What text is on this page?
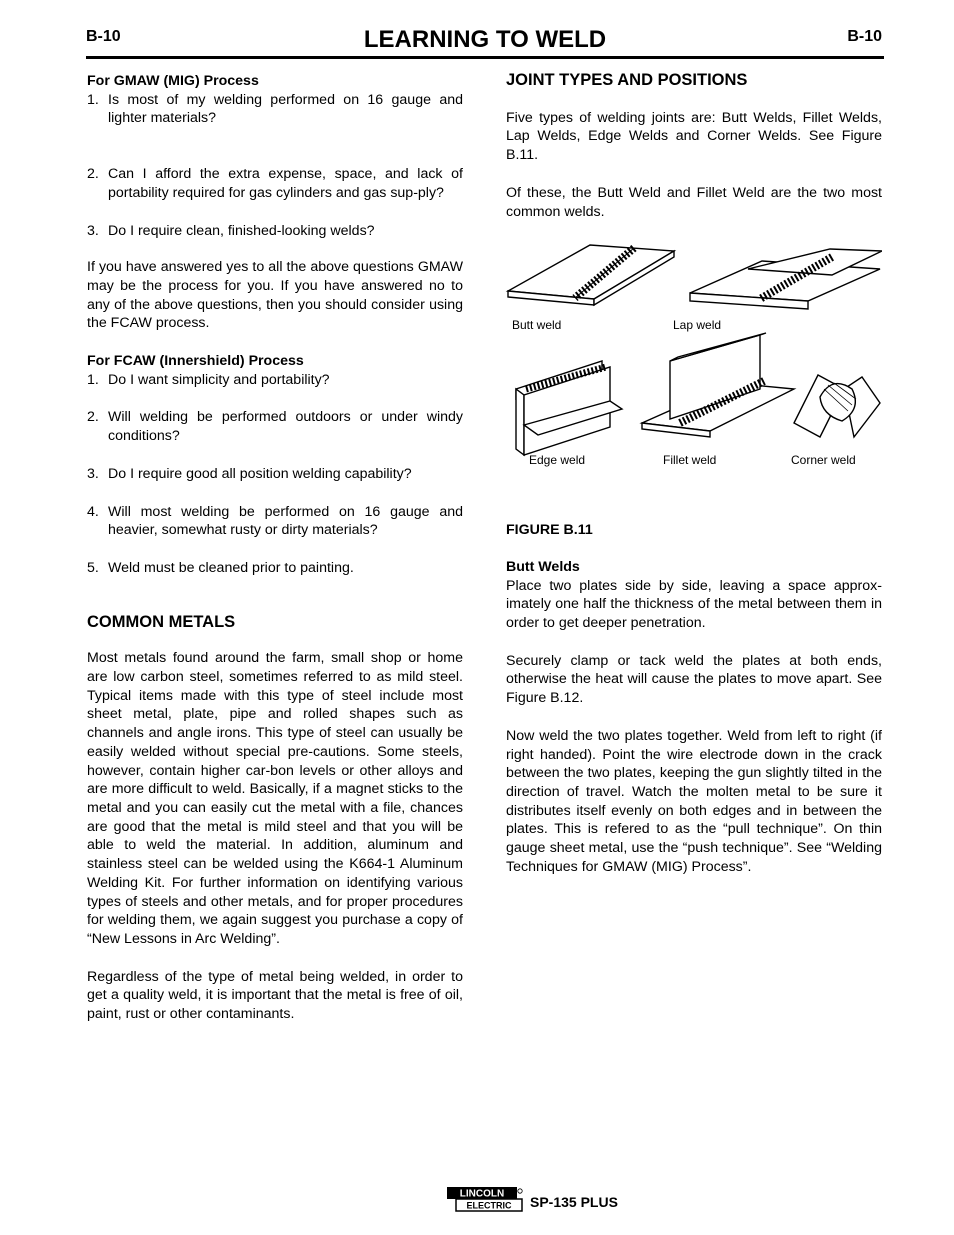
B-10	LEARNING TO WELD	B-10

For GMAW (MIG) Process

1. Is most of my welding performed on 16 gauge and lighter materials?
2. Can I afford the extra expense, space, and lack of portability required for gas cylinders and gas sup-ply?
3. Do I require clean, finished-looking welds?

If you have answered yes to all the above questions GMAW may be the process for you. If you have answered no to any of the above questions, then you should consider using the FCAW process.

For FCAW (Innershield) Process

1. Do I want simplicity and portability?
2. Will welding be performed outdoors or under windy conditions?
3. Do I require good all position welding capability?
4. Will most welding be performed on 16 gauge and heavier, somewhat rusty or dirty materials?
5. Weld must be cleaned prior to painting.

COMMON METALS

Most metals found around the farm, small shop or home are low carbon steel, sometimes referred to as mild steel. Typical items made with this type of steel include most sheet metal, plate, pipe and rolled shapes such as channels and angle irons. This type of steel can usually be easily welded without special pre-cautions. Some steels, however, contain higher car-bon levels or other alloys and are more difficult to weld. Basically, if a magnet sticks to the metal and you can easily cut the metal with a file, chances are good that the metal is mild steel and that you will be able to weld the material. In addition, aluminum and stainless steel can be welded using the K664-1 Aluminum Welding Kit. For further information on identifying various types of steels and other metals, and for proper procedures for welding them, we again suggest you purchase a copy of “New Lessons in Arc Welding”.

Regardless of the type of metal being welded, in order to get a quality weld, it is important that the metal is free of oil, paint, rust or other contaminants.

JOINT TYPES AND POSITIONS

Five types of welding joints are: Butt Welds, Fillet Welds, Lap Welds, Edge Welds and Corner Welds. See Figure B.11.

Of these, the Butt Weld and Fillet Weld are the two most common welds.

Butt weld	Lap weld
Edge weld	Fillet weld	Corner weld

FIGURE B.11

Butt Welds

Place two plates side by side, leaving a space approx-imately one half the thickness of the metal between them in order to get deeper penetration.

Securely clamp or tack weld the plates at both ends, otherwise the heat will cause the plates to move apart. See Figure B.12.

Now weld the two plates together. Weld from left to right (if right handed). Point the wire electrode down in the crack between the two plates, keeping the gun slightly tilted in the direction of travel. Watch the molten metal to be sure it distributes itself evenly on both edges and in between the plates. This is refered to as the “pull technique”. On thin gauge sheet metal, use the “push technique”. See “Welding Techniques for GMAW (MIG) Process”.

LINCOLN
ELECTRIC SP-135 PLUS
